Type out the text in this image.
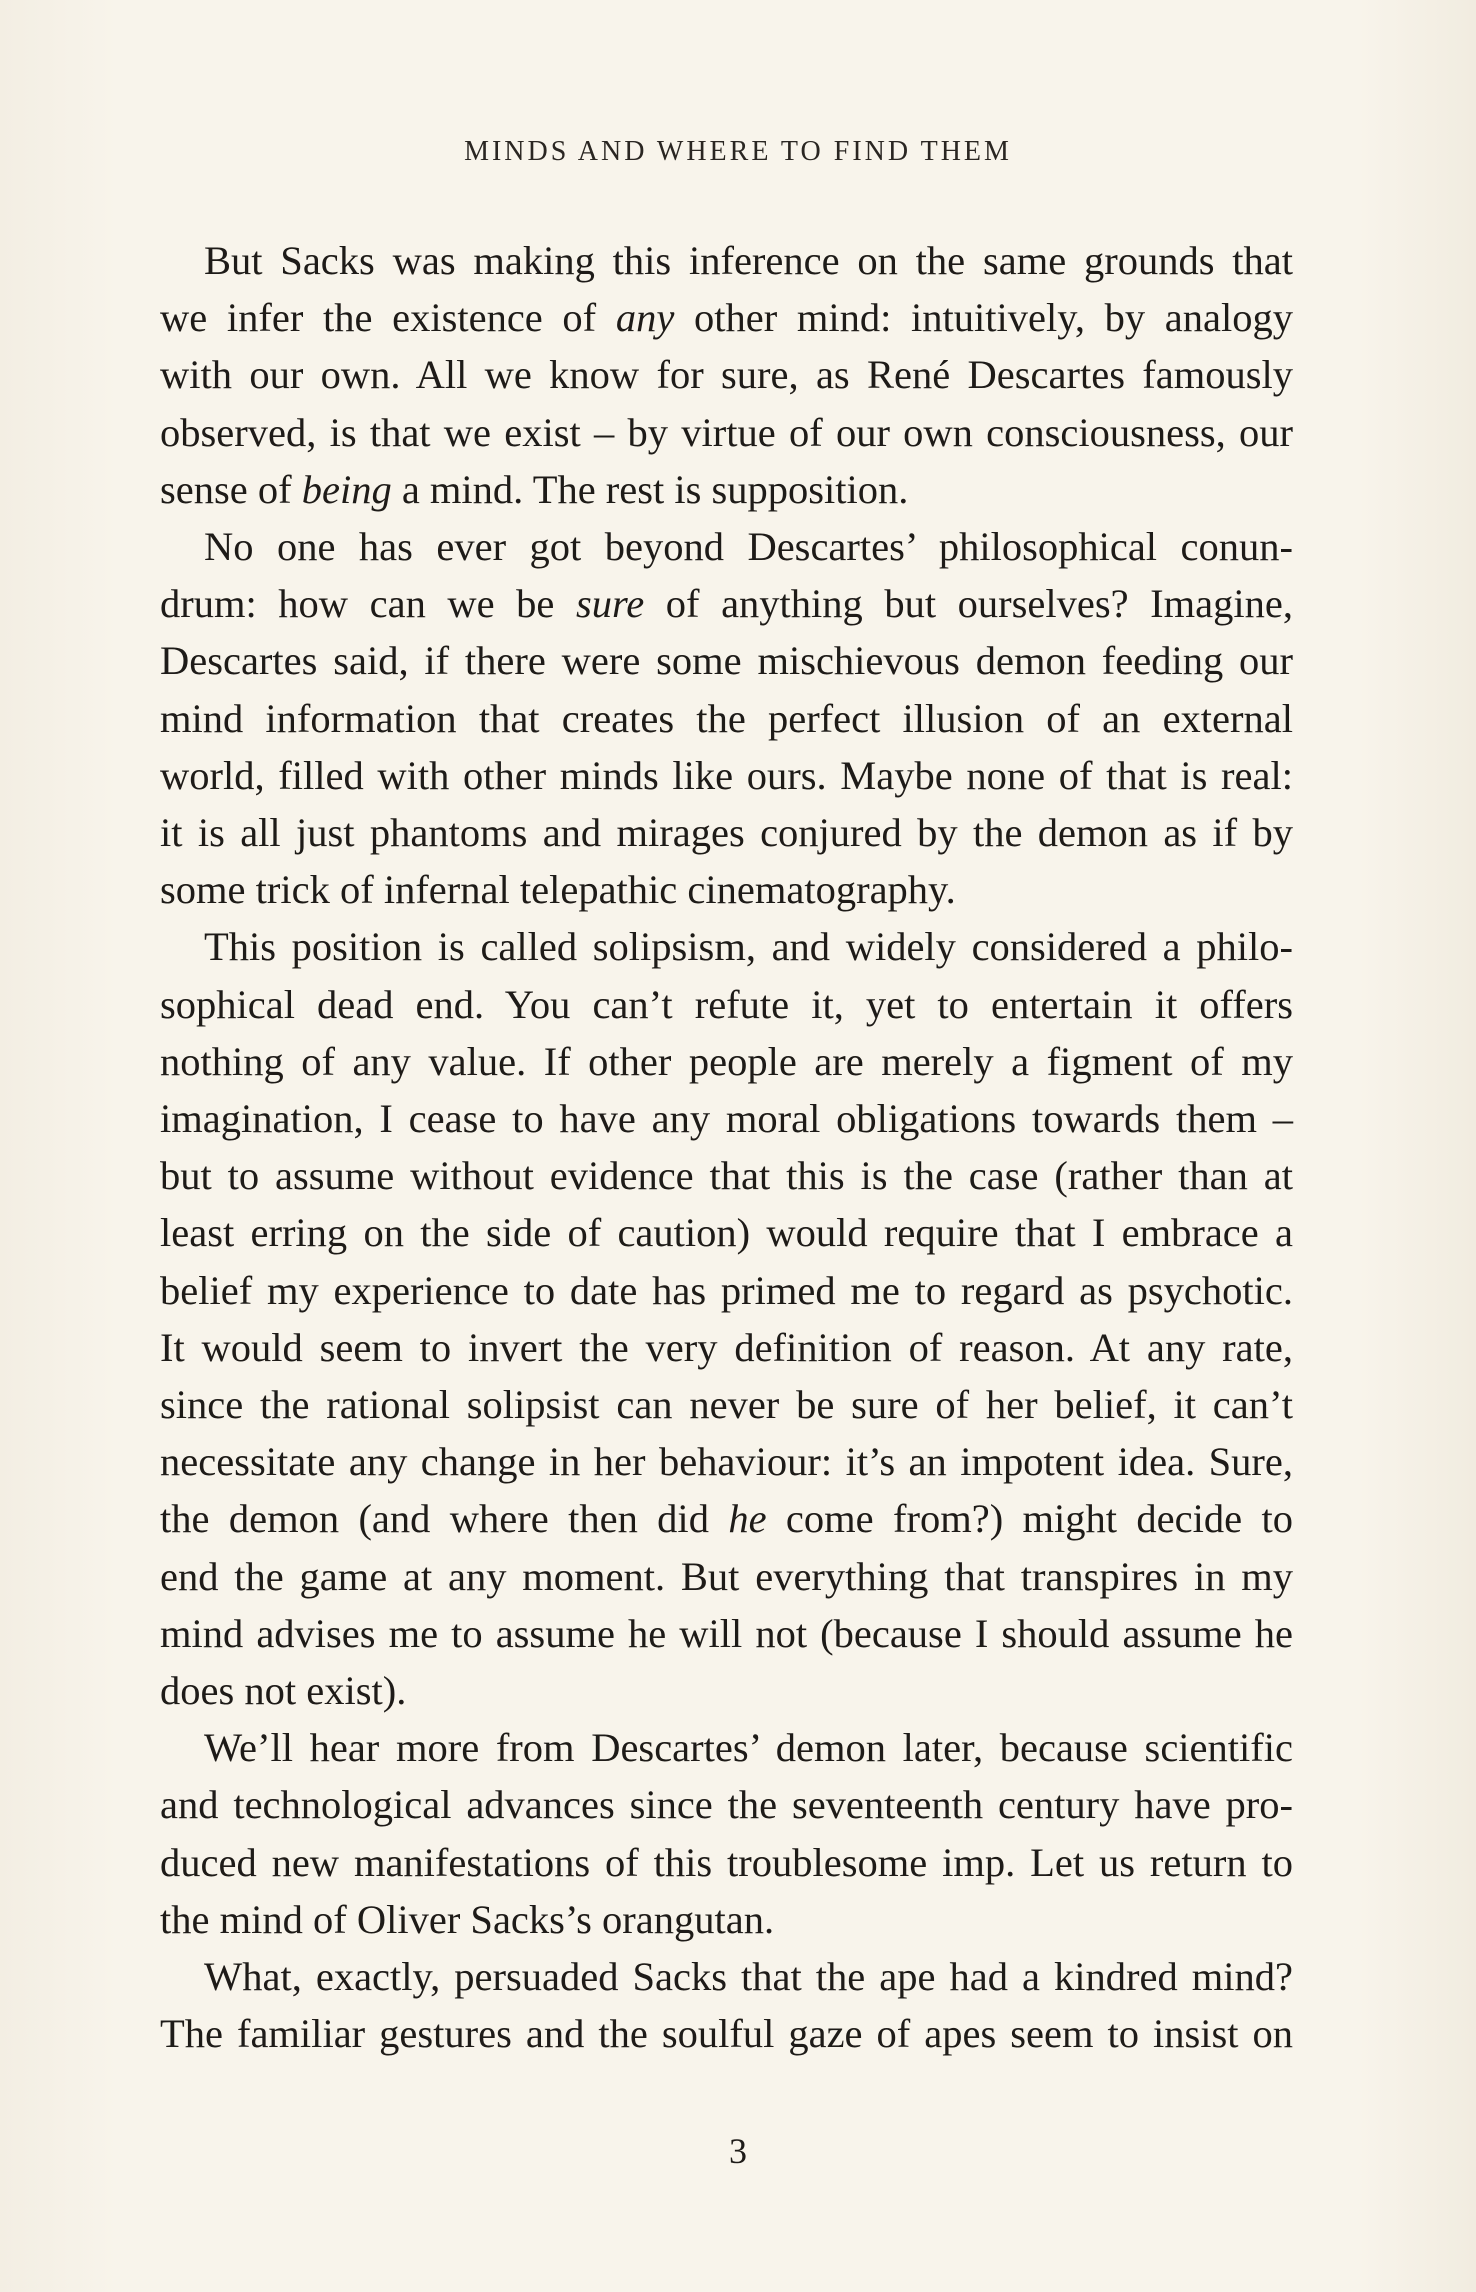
MINDS AND WHERE TO FIND THEM
But Sacks was making this inference on the same grounds that
we infer the existence of any other mind: intuitively, by analogy
with our own. All we know for sure, as René Descartes famously
observed, is that we exist – by virtue of our own consciousness, our
sense of being a mind. The rest is supposition.
No one has ever got beyond Descartes’ philosophical conun-
drum: how can we be sure of anything but ourselves? Imagine,
Descartes said, if there were some mischievous demon feeding our
mind information that creates the perfect illusion of an external
world, filled with other minds like ours. Maybe none of that is real:
it is all just phantoms and mirages conjured by the demon as if by
some trick of infernal telepathic cinematography.
This position is called solipsism, and widely considered a philo-
sophical dead end. You can’t refute it, yet to entertain it offers
nothing of any value. If other people are merely a figment of my
imagination, I cease to have any moral obligations towards them –
but to assume without evidence that this is the case (rather than at
least erring on the side of caution) would require that I embrace a
belief my experience to date has primed me to regard as psychotic.
It would seem to invert the very definition of reason. At any rate,
since the rational solipsist can never be sure of her belief, it can’t
necessitate any change in her behaviour: it’s an impotent idea. Sure,
the demon (and where then did he come from?) might decide to
end the game at any moment. But everything that transpires in my
mind advises me to assume he will not (because I should assume he
does not exist).
We’ll hear more from Descartes’ demon later, because scientific
and technological advances since the seventeenth century have pro-
duced new manifestations of this troublesome imp. Let us return to
the mind of Oliver Sacks’s orangutan.
What, exactly, persuaded Sacks that the ape had a kindred mind?
The familiar gestures and the soulful gaze of apes seem to insist on
3
